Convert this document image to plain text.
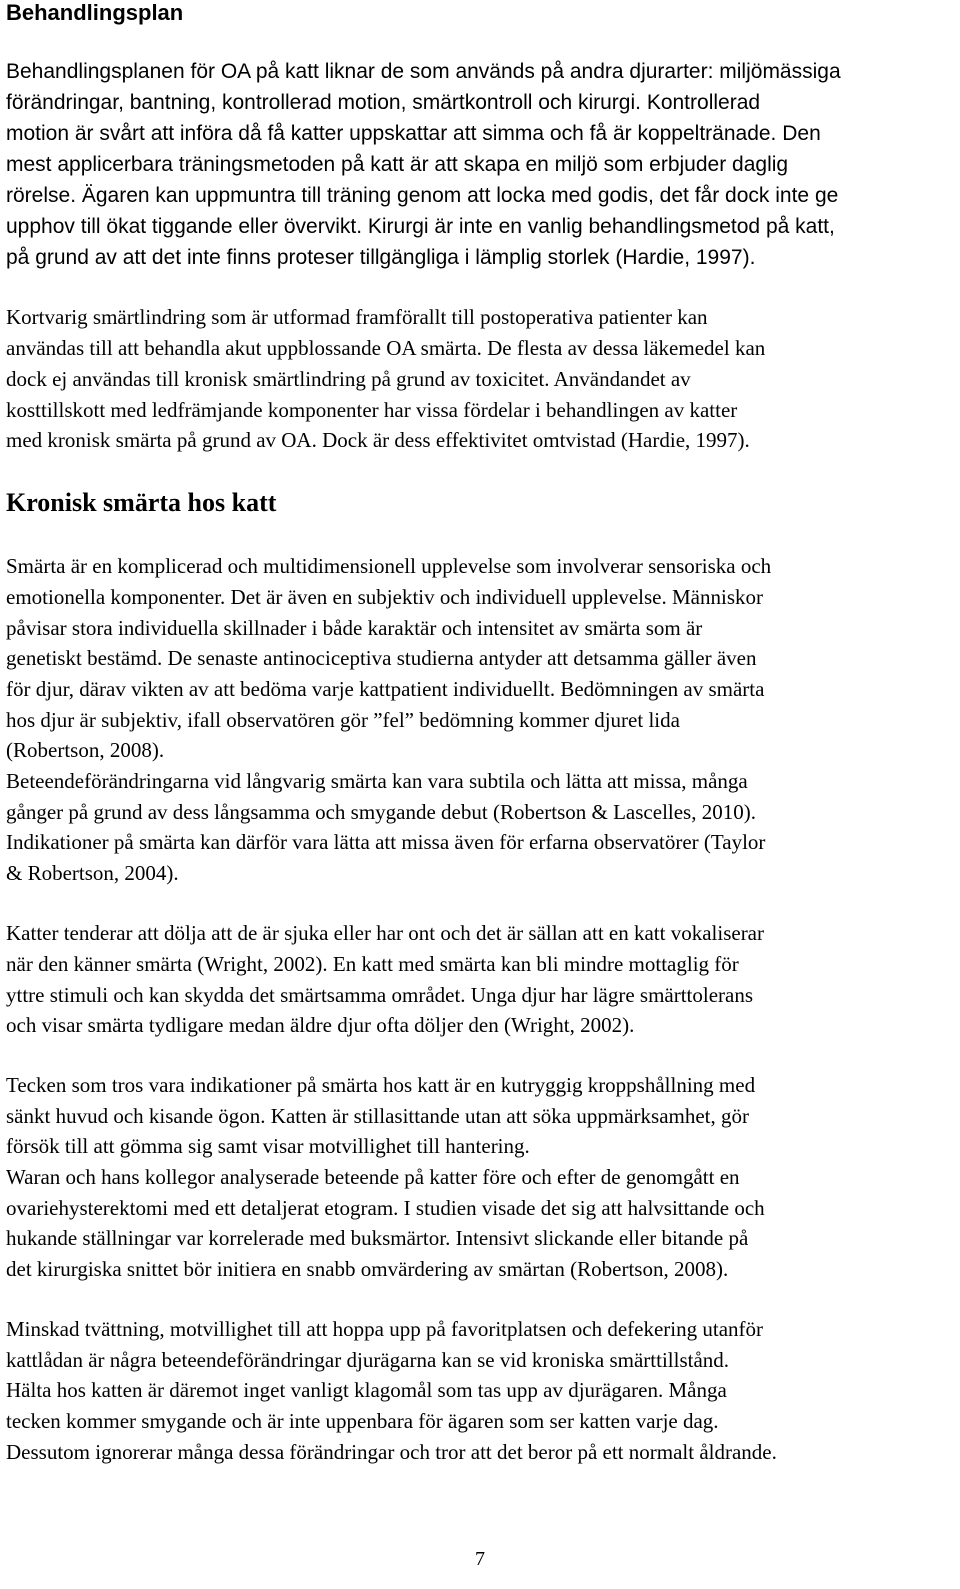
Behandlingsplan

Behandlingsplanen för OA på katt liknar de som används på andra djurarter: miljömässiga

förändringar, bantning, kontrollerad motion, smärtkontroll och kirurgi. Kontrollerad

motion är svårt att införa då få katter uppskattar att simma och få är koppeltränade. Den

mest applicerbara träningsmetoden på katt är att skapa en miljö som erbjuder daglig

rörelse. Ägaren kan uppmuntra till träning genom att locka med godis, det får dock inte ge

upphov till ökat tiggande eller övervikt. Kirurgi är inte en vanlig behandlingsmetod på katt,

på grund av att det inte finns proteser tillgängliga i lämplig storlek (Hardie, 1997).

Kortvarig smärtlindring som är utformad framförallt till postoperativa patienter kan

användas till att behandla akut uppblossande OA smärta. De flesta av dessa läkemedel kan

dock ej användas till kronisk smärtlindring på grund av toxicitet. Användandet av

kosttillskott med ledfrämjande komponenter har vissa fördelar i behandlingen av katter

med kronisk smärta på grund av OA. Dock är dess effektivitet omtvistad (Hardie, 1997).

Kronisk smärta hos katt

Smärta är en komplicerad och multidimensionell upplevelse som involverar sensoriska och

emotionella komponenter. Det är även en subjektiv och individuell upplevelse. Människor

påvisar stora individuella skillnader i både karaktär och intensitet av smärta som är

genetiskt bestämd. De senaste antinociceptiva studierna antyder att detsamma gäller även

för djur, därav vikten av att bedöma varje kattpatient individuellt. Bedömningen av smärta

hos djur är subjektiv, ifall observatören gör ”fel” bedömning kommer djuret lida

(Robertson, 2008).

Beteendeförändringarna vid långvarig smärta kan vara subtila och lätta att missa, många

gånger på grund av dess långsamma och smygande debut (Robertson & Lascelles, 2010).

Indikationer på smärta kan därför vara lätta att missa även för erfarna observatörer (Taylor

& Robertson, 2004).

Katter tenderar att dölja att de är sjuka eller har ont och det är sällan att en katt vokaliserar

när den känner smärta (Wright, 2002). En katt med smärta kan bli mindre mottaglig för

yttre stimuli och kan skydda det smärtsamma området. Unga djur har lägre smärttolerans

och visar smärta tydligare medan äldre djur ofta döljer den (Wright, 2002).

Tecken som tros vara indikationer på smärta hos katt är en kutryggig kroppshållning med

sänkt huvud och kisande ögon. Katten är stillasittande utan att söka uppmärksamhet, gör

försök till att gömma sig samt visar motvillighet till hantering.

Waran och hans kollegor analyserade beteende på katter före och efter de genomgått en

ovariehysterektomi med ett detaljerat etogram. I studien visade det sig att halvsittande och

hukande ställningar var korrelerade med buksmärtor. Intensivt slickande eller bitande på

det kirurgiska snittet bör initiera en snabb omvärdering av smärtan (Robertson, 2008).

Minskad tvättning, motvillighet till att hoppa upp på favoritplatsen och defekering utanför

kattlådan är några beteendeförändringar djurägarna kan se vid kroniska smärttillstånd.

Hälta hos katten är däremot inget vanligt klagomål som tas upp av djurägaren. Många

tecken kommer smygande och är inte uppenbara för ägaren som ser katten varje dag.

Dessutom ignorerar många dessa förändringar och tror att det beror på ett normalt åldrande.

7
